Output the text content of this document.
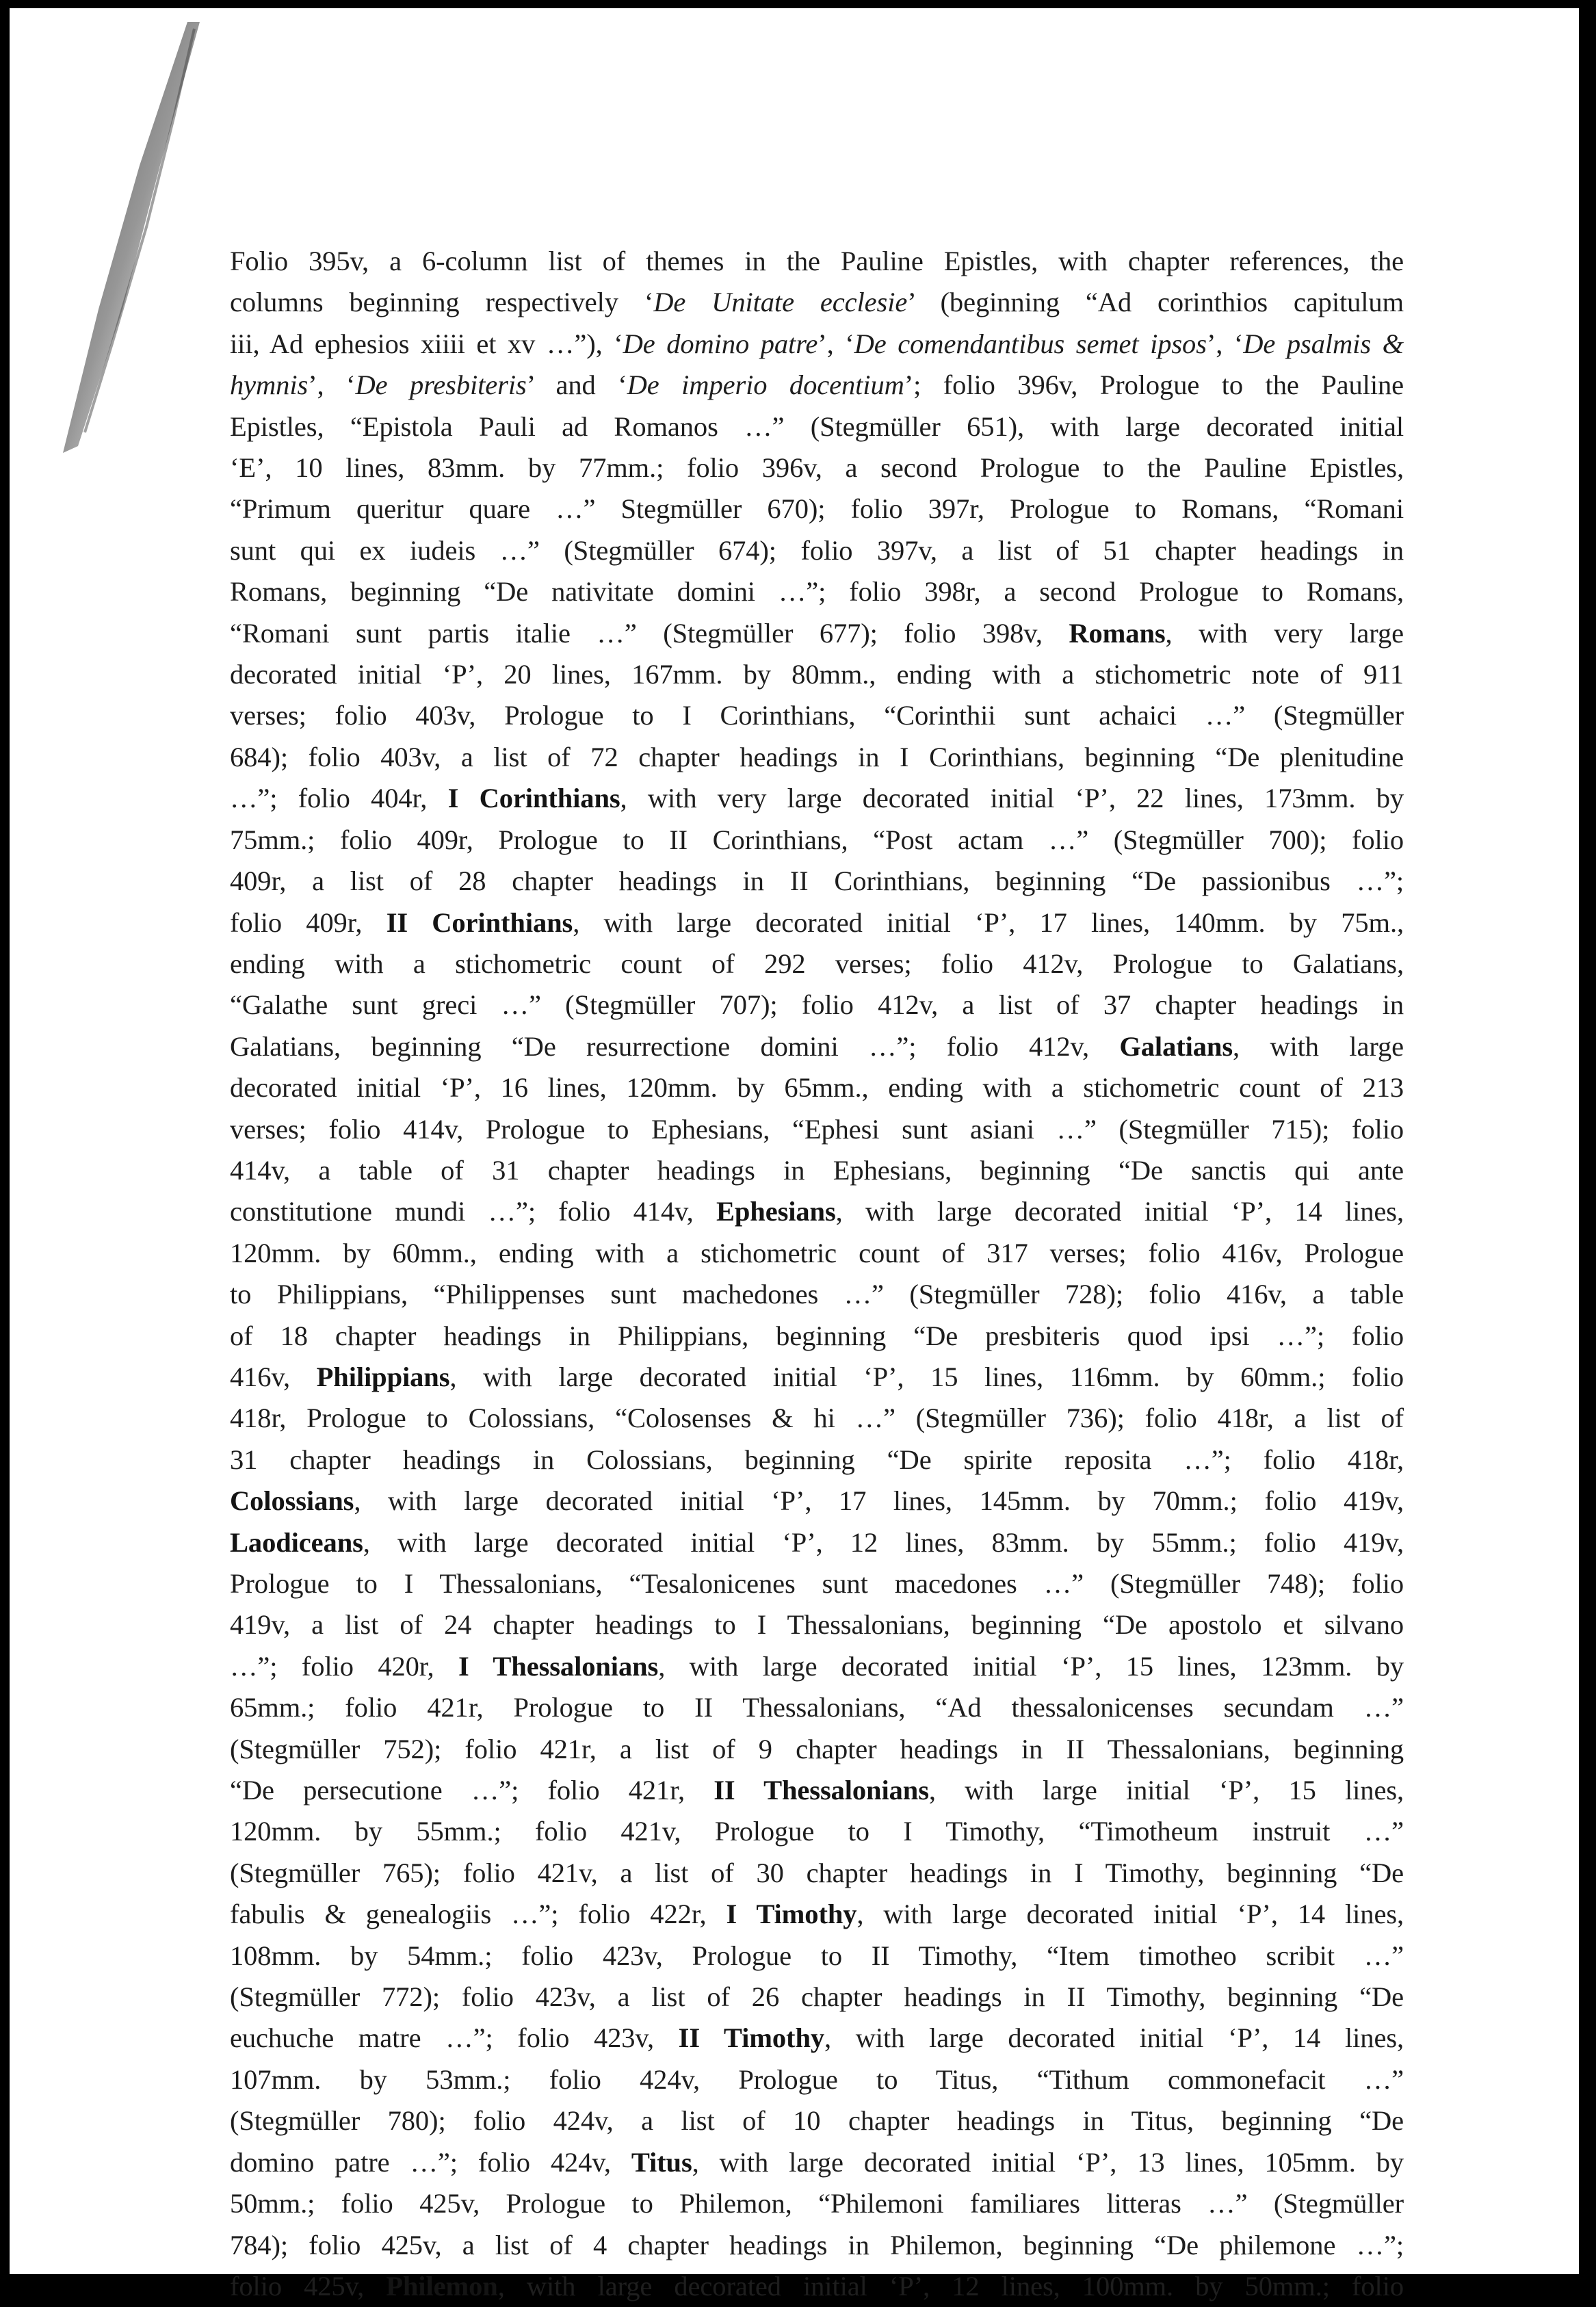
Folio 395v, a 6-column list of themes in the Pauline Epistles, with chapter references, the
columns beginning respectively ‘De Unitate ecclesie’ (beginning “Ad corinthios capitulum
iii, Ad ephesios xiiii et xv …”), ‘De domino patre’, ‘De comendantibus semet ipsos’, ‘De psalmis &
hymnis’, ‘De presbiteris’ and ‘De imperio docentium’; folio 396v, Prologue to the Pauline
Epistles, “Epistola Pauli ad Romanos …” (Stegmüller 651), with large decorated initial
‘E’, 10 lines, 83mm. by 77mm.; folio 396v, a second Prologue to the Pauline Epistles,
“Primum queritur quare …” Stegmüller 670); folio 397r, Prologue to Romans, “Romani
sunt qui ex iudeis …” (Stegmüller 674); folio 397v, a list of 51 chapter headings in
Romans, beginning “De nativitate domini …”; folio 398r, a second Prologue to Romans,
“Romani sunt partis italie …” (Stegmüller 677); folio 398v, Romans, with very large
decorated initial ‘P’, 20 lines, 167mm. by 80mm., ending with a stichometric note of 911
verses; folio 403v, Prologue to I Corinthians, “Corinthii sunt achaici …” (Stegmüller
684); folio 403v, a list of 72 chapter headings in I Corinthians, beginning “De plenitudine
…”; folio 404r, I Corinthians, with very large decorated initial ‘P’, 22 lines, 173mm. by
75mm.; folio 409r, Prologue to II Corinthians, “Post actam …” (Stegmüller 700); folio
409r, a list of 28 chapter headings in II Corinthians, beginning “De passionibus …”;
folio 409r, II Corinthians, with large decorated initial ‘P’, 17 lines, 140mm. by 75m.,
ending with a stichometric count of 292 verses; folio 412v, Prologue to Galatians,
“Galathe sunt greci …” (Stegmüller 707); folio 412v, a list of 37 chapter headings in
Galatians, beginning “De resurrectione domini …”; folio 412v, Galatians, with large
decorated initial ‘P’, 16 lines, 120mm. by 65mm., ending with a stichometric count of 213
verses; folio 414v, Prologue to Ephesians, “Ephesi sunt asiani …” (Stegmüller 715); folio
414v, a table of 31 chapter headings in Ephesians, beginning “De sanctis qui ante
constitutione mundi …”; folio 414v, Ephesians, with large decorated initial ‘P’, 14 lines,
120mm. by 60mm., ending with a stichometric count of 317 verses; folio 416v, Prologue
to Philippians, “Philippenses sunt machedones …” (Stegmüller 728); folio 416v, a table
of 18 chapter headings in Philippians, beginning “De presbiteris quod ipsi …”; folio
416v, Philippians, with large decorated initial ‘P’, 15 lines, 116mm. by 60mm.; folio
418r, Prologue to Colossians, “Colosenses & hi …” (Stegmüller 736); folio 418r, a list of
31 chapter headings in Colossians, beginning “De spirite reposita …”; folio 418r,
Colossians, with large decorated initial ‘P’, 17 lines, 145mm. by 70mm.; folio 419v,
Laodiceans, with large decorated initial ‘P’, 12 lines, 83mm. by 55mm.; folio 419v,
Prologue to I Thessalonians, “Tesalonicenes sunt macedones …” (Stegmüller 748); folio
419v, a list of 24 chapter headings to I Thessalonians, beginning “De apostolo et silvano
…”; folio 420r, I Thessalonians, with large decorated initial ‘P’, 15 lines, 123mm. by
65mm.; folio 421r, Prologue to II Thessalonians, “Ad thessalonicenses secundam …”
(Stegmüller 752); folio 421r, a list of 9 chapter headings in II Thessalonians, beginning
“De persecutione …”; folio 421r, II Thessalonians, with large initial ‘P’, 15 lines,
120mm. by 55mm.; folio 421v, Prologue to I Timothy, “Timotheum instruit …”
(Stegmüller 765); folio 421v, a list of 30 chapter headings in I Timothy, beginning “De
fabulis & genealogiis …”; folio 422r, I Timothy, with large decorated initial ‘P’, 14 lines,
108mm. by 54mm.; folio 423v, Prologue to II Timothy, “Item timotheo scribit …”
(Stegmüller 772); folio 423v, a list of 26 chapter headings in II Timothy, beginning “De
euchuche matre …”; folio 423v, II Timothy, with large decorated initial ‘P’, 14 lines,
107mm. by 53mm.; folio 424v, Prologue to Titus, “Tithum commonefacit …”
(Stegmüller 780); folio 424v, a list of 10 chapter headings in Titus, beginning “De
domino patre …”; folio 424v, Titus, with large decorated initial ‘P’, 13 lines, 105mm. by
50mm.; folio 425v, Prologue to Philemon, “Philemoni familiares litteras …” (Stegmüller
784); folio 425v, a list of 4 chapter headings in Philemon, beginning “De philemone …”;
folio 425v, Philemon, with large decorated initial ‘P’, 12 lines, 100mm. by 50mm.; folio
